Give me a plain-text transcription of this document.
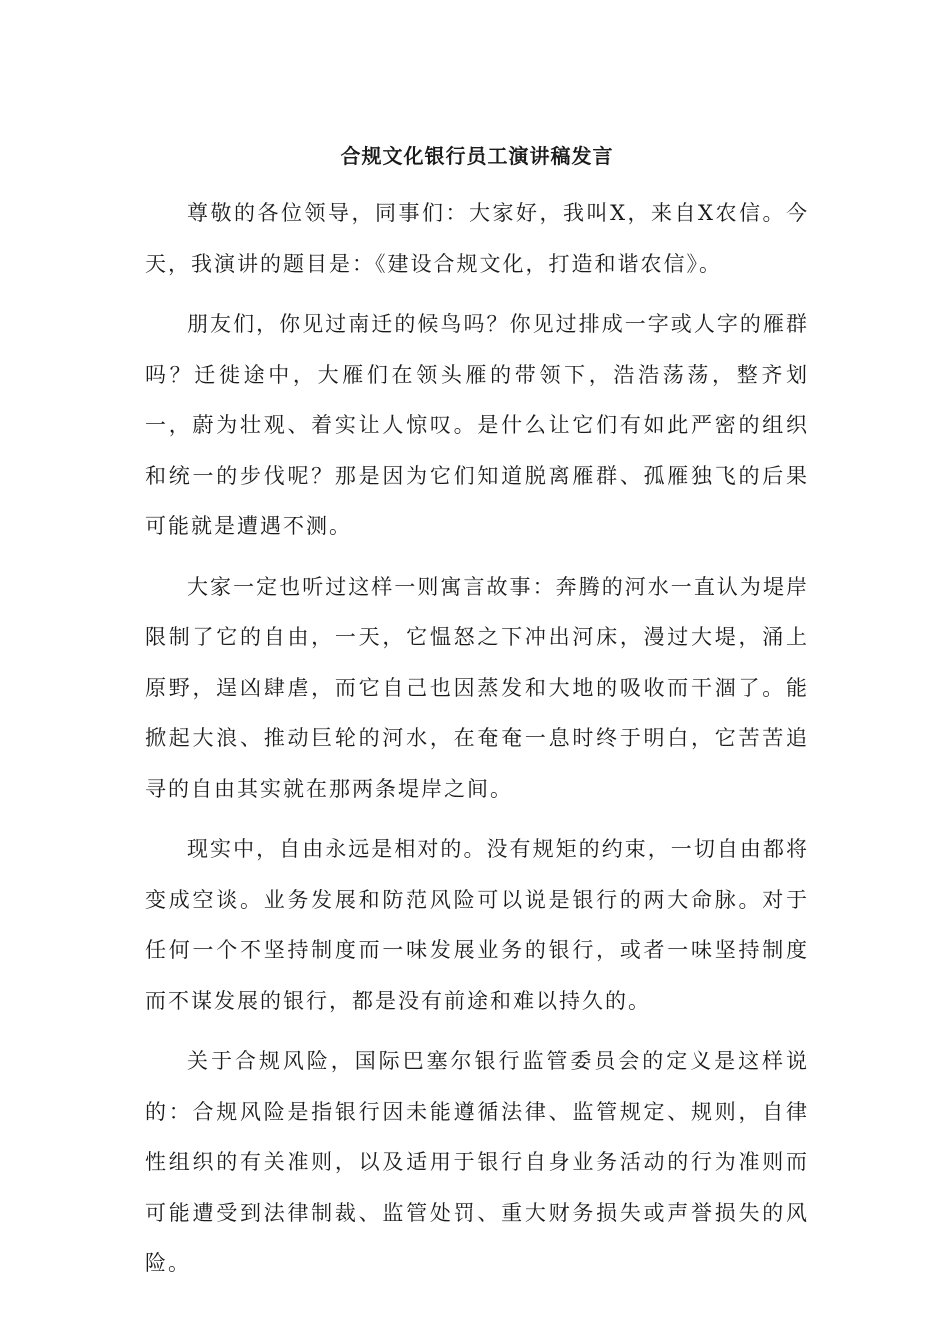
合规文化银行员工演讲稿发言

尊敬的各位领导，同事们：大家好，我叫X，来自X农信。今天，我演讲的题目是：《建设合规文化，打造和谐农信》。

朋友们，你见过南迁的候鸟吗？你见过排成一字或人字的雁群吗？迁徙途中，大雁们在领头雁的带领下，浩浩荡荡，整齐划一，蔚为壮观、着实让人惊叹。是什么让它们有如此严密的组织和统一的步伐呢？那是因为它们知道脱离雁群、孤雁独飞的后果可能就是遭遇不测。

大家一定也听过这样一则寓言故事：奔腾的河水一直认为堤岸限制了它的自由，一天，它愠怒之下冲出河床，漫过大堤，涌上原野，逞凶肆虐，而它自己也因蒸发和大地的吸收而干涸了。能掀起大浪、推动巨轮的河水，在奄奄一息时终于明白，它苦苦追寻的自由其实就在那两条堤岸之间。

现实中，自由永远是相对的。没有规矩的约束，一切自由都将变成空谈。业务发展和防范风险可以说是银行的两大命脉。对于任何一个不坚持制度而一味发展业务的银行，或者一味坚持制度而不谋发展的银行，都是没有前途和难以持久的。

关于合规风险，国际巴塞尔银行监管委员会的定义是这样说的：合规风险是指银行因未能遵循法律、监管规定、规则，自律性组织的有关准则，以及适用于银行自身业务活动的行为准则而可能遭受到法律制裁、监管处罚、重大财务损失或声誉损失的风险。
